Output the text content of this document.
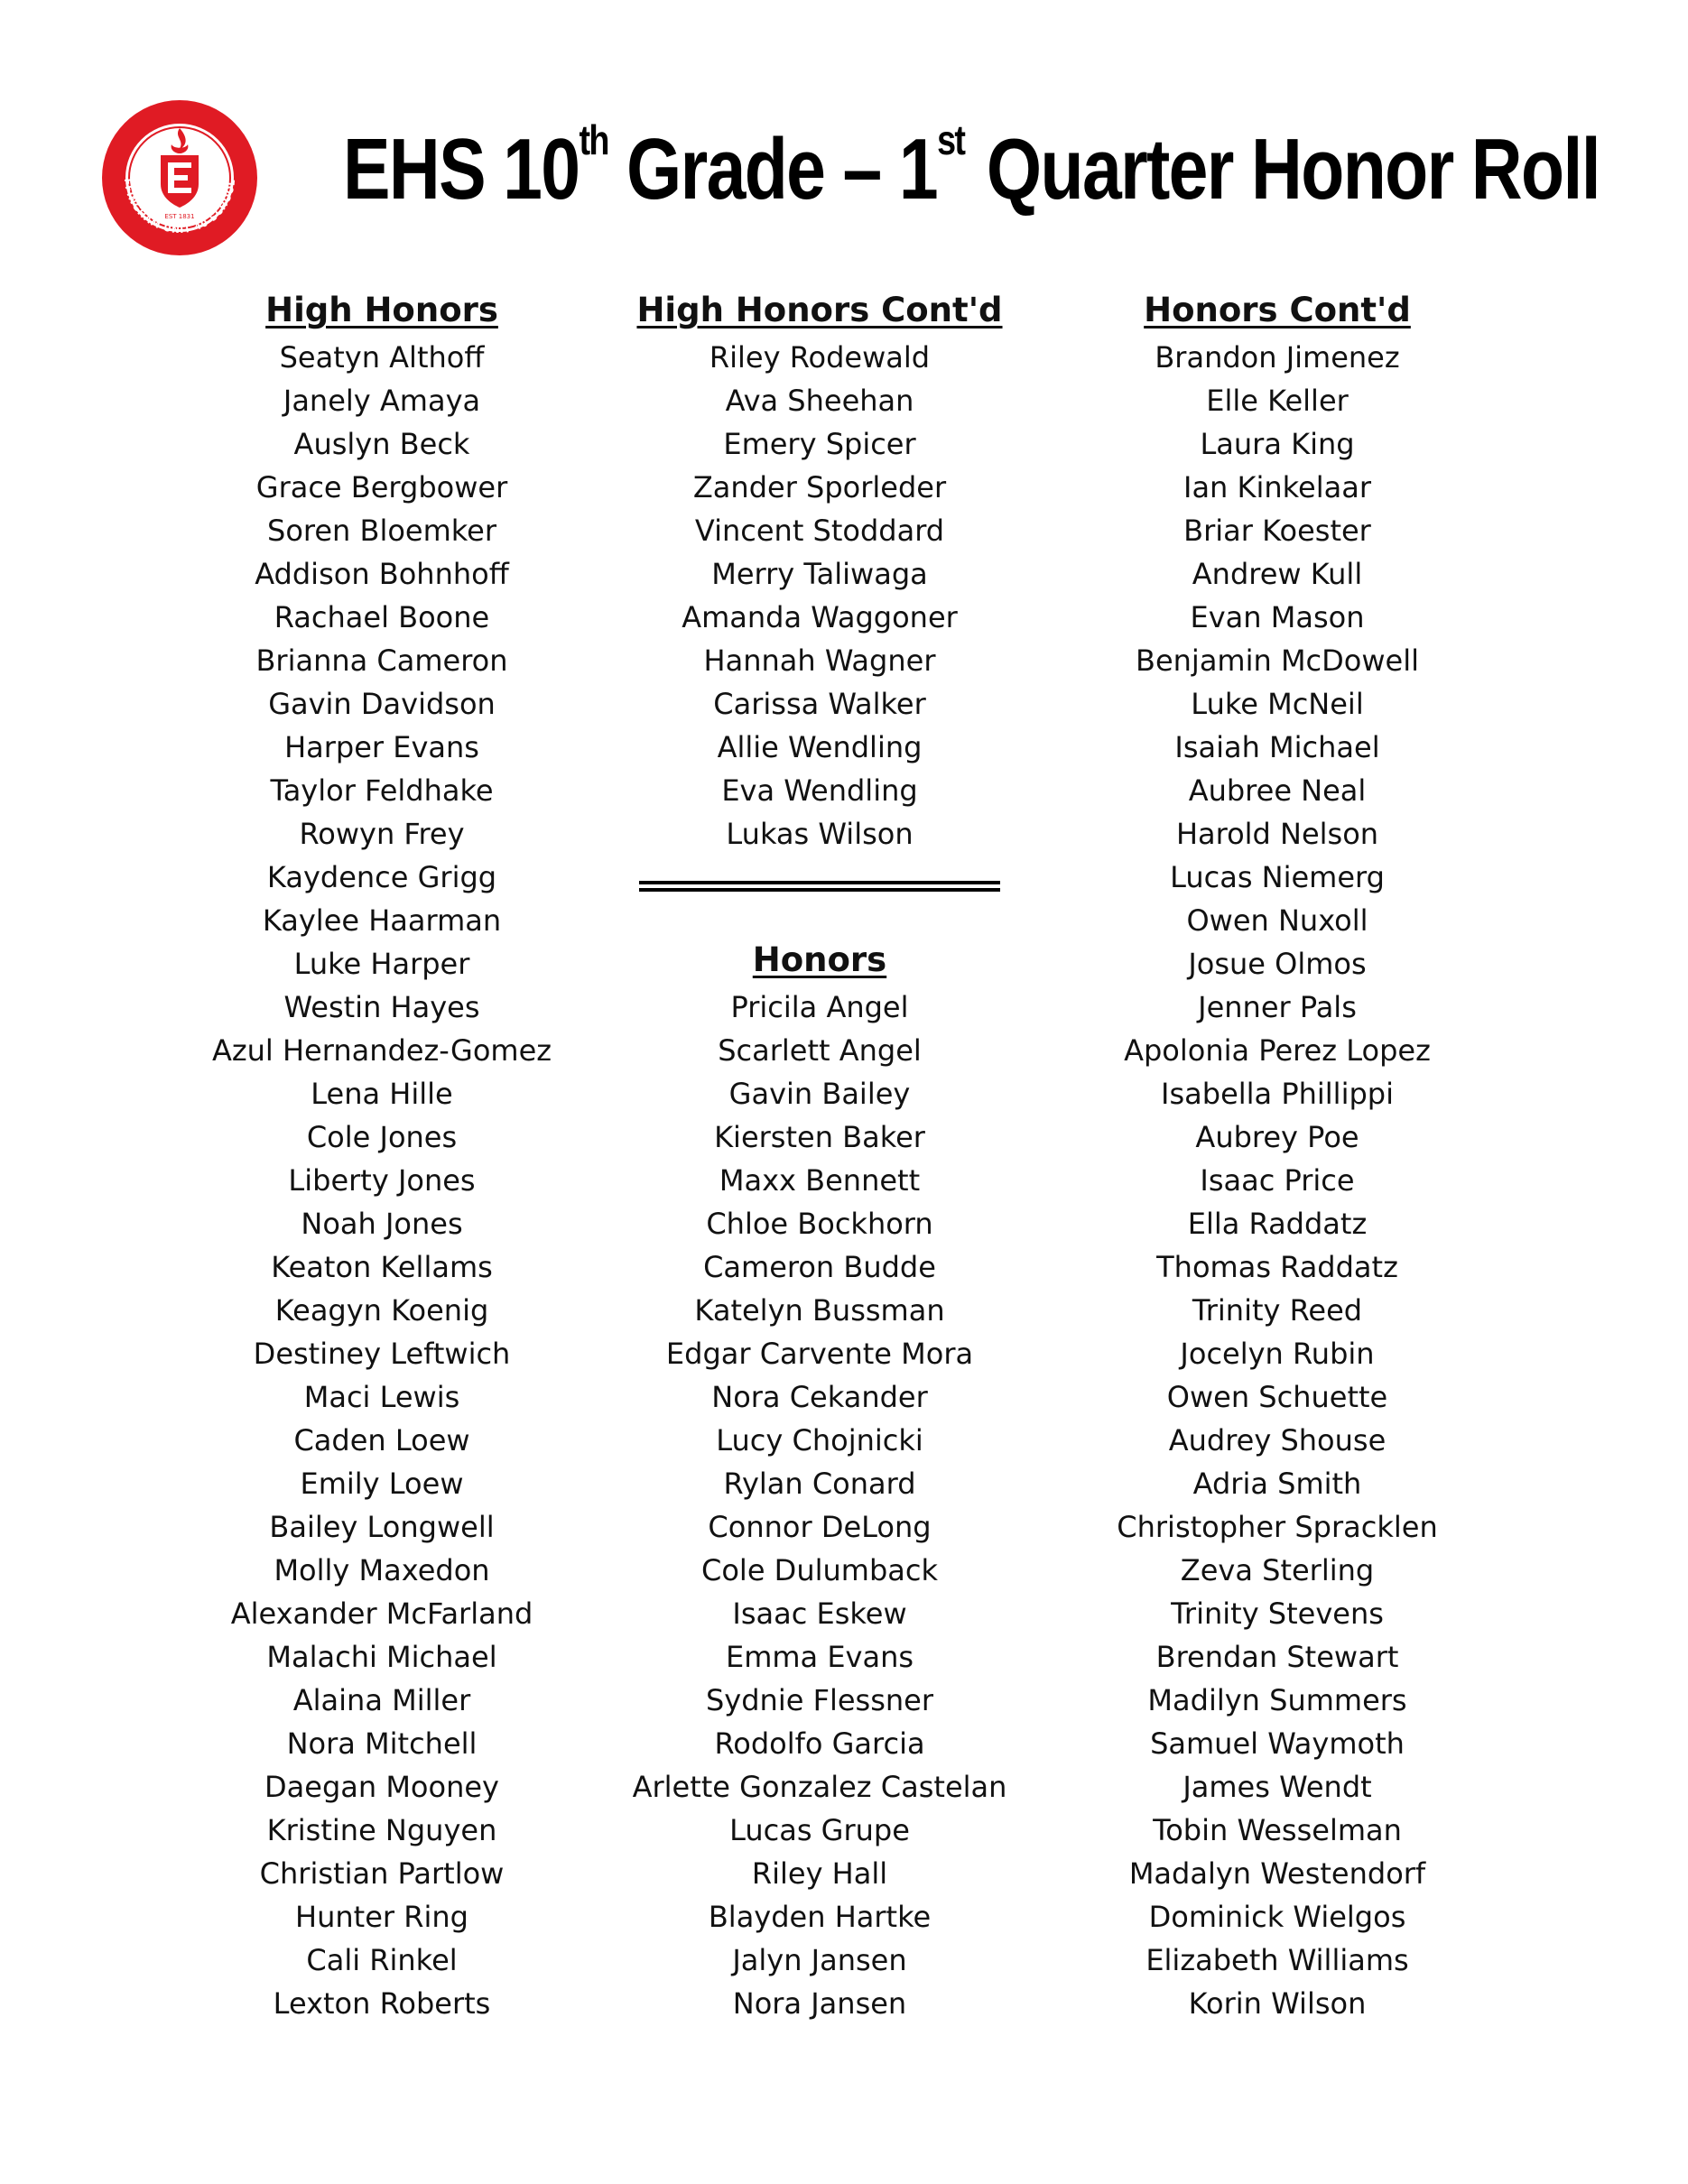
EST 1831
FFINGHAM UNIT 40 SCHOOL EHS 10th Grade – 1st Quarter Honor Roll
High Honors
Seatyn Althoff
Janely Amaya
Auslyn Beck
Grace Bergbower
Soren Bloemker
Addison Bohnhoff
Rachael Boone
Brianna Cameron
Gavin Davidson
Harper Evans
Taylor Feldhake
Rowyn Frey
Kaydence Grigg
Kaylee Haarman
Luke Harper
Westin Hayes
Azul Hernandez-Gomez
Lena Hille
Cole Jones
Liberty Jones
Noah Jones
Keaton Kellams
Keagyn Koenig
Destiney Leftwich
Maci Lewis
Caden Loew
Emily Loew
Bailey Longwell
Molly Maxedon
Alexander McFarland
Malachi Michael
Alaina Miller
Nora Mitchell
Daegan Mooney
Kristine Nguyen
Christian Partlow
Hunter Ring
Cali Rinkel
Lexton Roberts
High Honors Cont'd
Riley Rodewald
Ava Sheehan
Emery Spicer
Zander Sporleder
Vincent Stoddard
Merry Taliwaga
Amanda Waggoner
Hannah Wagner
Carissa Walker
Allie Wendling
Eva Wendling
Lukas Wilson
Honors
Pricila Angel
Scarlett Angel
Gavin Bailey
Kiersten Baker
Maxx Bennett
Chloe Bockhorn
Cameron Budde
Katelyn Bussman
Edgar Carvente Mora
Nora Cekander
Lucy Chojnicki
Rylan Conard
Connor DeLong
Cole Dulumback
Isaac Eskew
Emma Evans
Sydnie Flessner
Rodolfo Garcia
Arlette Gonzalez Castelan
Lucas Grupe
Riley Hall
Blayden Hartke
Jalyn Jansen
Nora Jansen
Honors Cont'd
Brandon Jimenez
Elle Keller
Laura King
Ian Kinkelaar
Briar Koester
Andrew Kull
Evan Mason
Benjamin McDowell
Luke McNeil
Isaiah Michael
Aubree Neal
Harold Nelson
Lucas Niemerg
Owen Nuxoll
Josue Olmos
Jenner Pals
Apolonia Perez Lopez
Isabella Phillippi
Aubrey Poe
Isaac Price
Ella Raddatz
Thomas Raddatz
Trinity Reed
Jocelyn Rubin
Owen Schuette
Audrey Shouse
Adria Smith
Christopher Spracklen
Zeva Sterling
Trinity Stevens
Brendan Stewart
Madilyn Summers
Samuel Waymoth
James Wendt
Tobin Wesselman
Madalyn Westendorf
Dominick Wielgos
Elizabeth Williams
Korin Wilson
